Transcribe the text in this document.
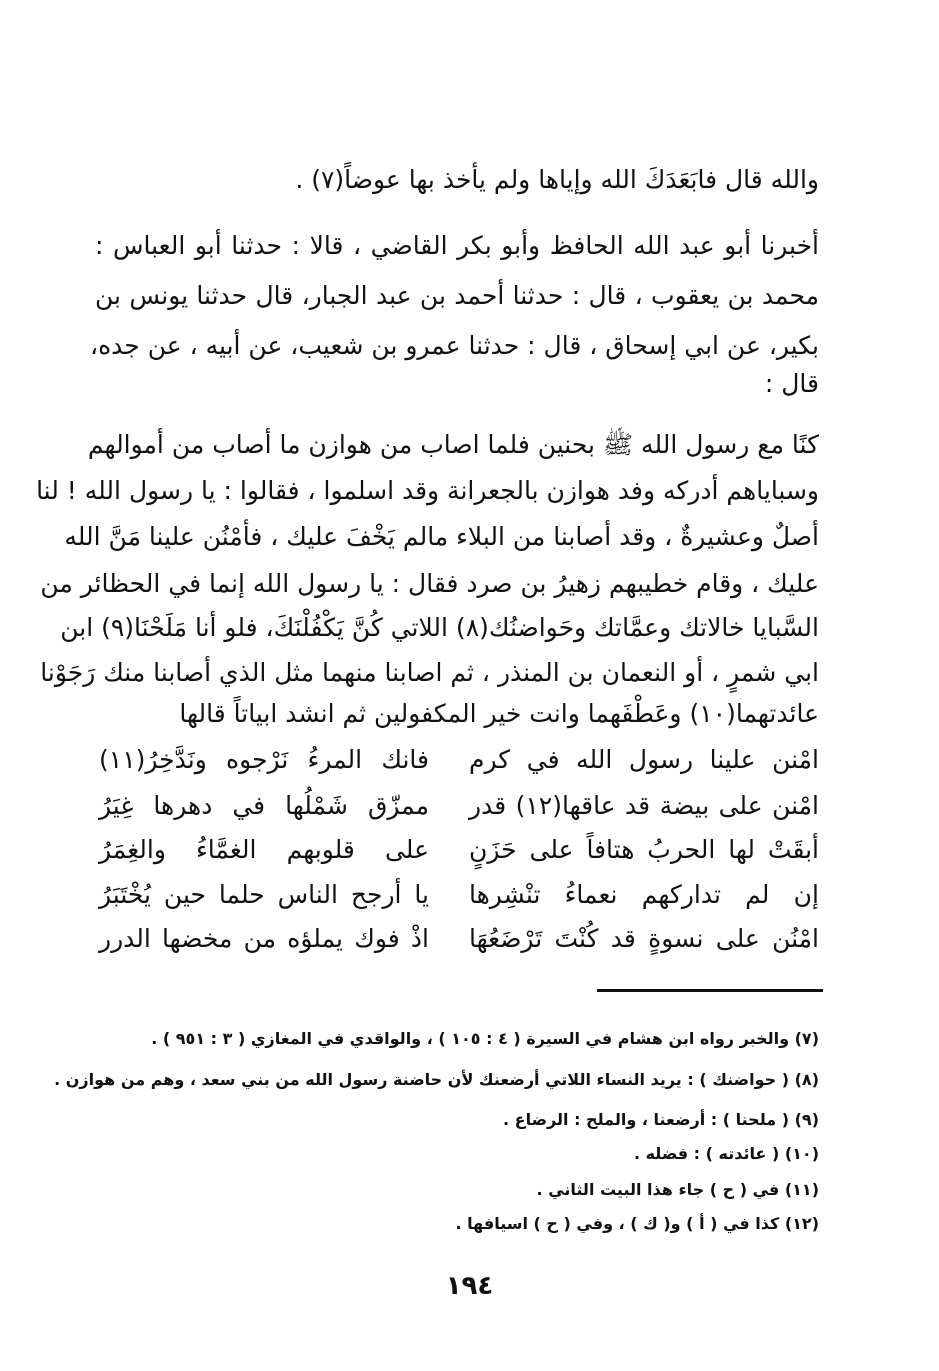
والله قال فابَعَدَكَ الله وإياها ولم يأخذ بها عوضاً(٧) .
أخبرنا أبو عبد الله الحافظ وأبو بكر القاضي ، قالا : حدثنا أبو العباس :
محمد بن يعقوب ، قال : حدثنا أحمد بن عبد الجبار، قال حدثنا يونس بن
بكير، عن ابي إسحاق ، قال : حدثنا عمرو بن شعيب، عن أبيه ، عن جده،
قال :
كنًا مع رسول الله ﷺ بحنين فلما اصاب من هوازن ما أصاب من أموالهم
وسباياهم أدركه وفد هوازن بالجعرانة وقد اسلموا ، فقالوا : يا رسول الله ! لنا
أصلٌ وعشيرةٌ ، وقد أصابنا من البلاء مالم يَخْفَ عليك ، فأمْنُن علينا مَنَّ الله
عليك ، وقام خطيبهم زهيرُ بن صرد فقال : يا رسول الله إنما في الحظائر من
السَّبايا خالاتك وعمَّاتك وحَواضنُك(٨) اللاتي كُنَّ يَكْفُلْنَكَ، فلو أنا مَلَحْنَا(٩) ابن
ابي شمرٍ ، أو النعمان بن المنذر ، ثم اصابنا منهما مثل الذي أصابنا منك رَجَوْنا
عائدتهما(١٠) وعَطْفَهما وانت خير المكفولين ثم انشد ابياتاً قالها
امْنن علينا رسول الله في كرم
فانك المرءُ نَرْجوه ونَدَّخِرُ(١١)
امْنن على بيضة قد عاقها(١٢) قدر
ممزّق شَمْلُها في دهرها غِيَرُ
أبقَتْ لها الحربُ هتافاً على حَزَنٍ
على قلوبهم الغمَّاءُ والغِمَرُ
إن لم تداركهم نعماءُ تنْشِرها
يا أرجح الناس حلما حين يُخْتَبَرُ
امْنُن على نسوةٍ قد كُنْتَ تَرْضَعُهَا
اذْ فوك يملؤه من مخضها الدرر
(٧) والخبر رواه ابن هشام في السيرة ( ٤ : ١٠٥ ) ، والواقدي في المغازي ( ٣ : ٩٥١ ) .
(٨) ( حواضنك ) : يريد النساء اللاتي أرضعنك لأن حاضنة رسول الله من بني سعد ، وهم من هوازن .
(٩) ( ملحنا ) : أرضعنا ، والملح : الرضاع .
(١٠) ( عائدته ) : فضله .
(١١) في ( ح ) جاء هذا البيت الثاني .
(١٢) كذا في ( أ ) و( ك ) ، وفي ( ح ) اسيافها .
١٩٤
